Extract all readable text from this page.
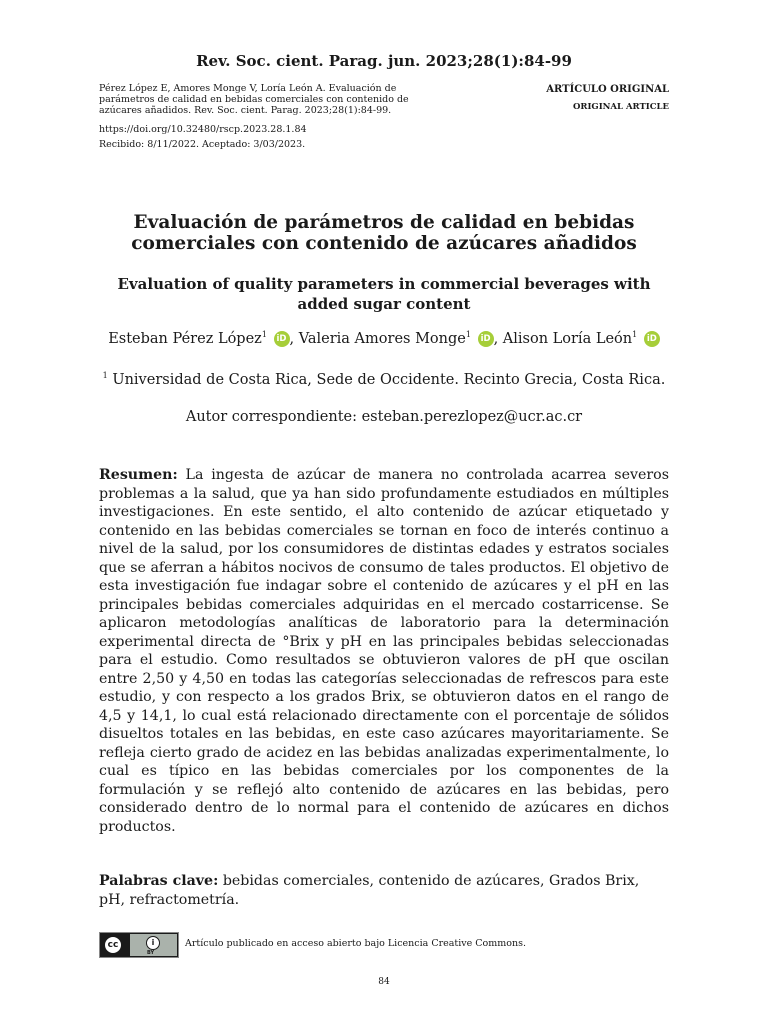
Rev. Soc. cient. Parag. jun. 2023;28(1):84-99
Pérez López E, Amores Monge V, Loría León A. Evaluación de parámetros de calidad en bebidas comerciales con contenido de azúcares añadidos. Rev. Soc. cient. Parag. 2023;28(1):84-99.
https://doi.org/10.32480/rscp.2023.28.1.84
Recibido: 8/11/2022. Aceptado: 3/03/2023.
ARTÍCULO ORIGINAL
ORIGINAL ARTICLE
Evaluación de parámetros de calidad en bebidas comerciales con contenido de azúcares añadidos
Evaluation of quality parameters in commercial beverages with added sugar content
Esteban Pérez López$^1$ iD , Valeria Amores Monge$^1$ iD , Alison Loría León$^1$ iD
$^1$ Universidad de Costa Rica, Sede de Occidente. Recinto Grecia, Costa Rica.
Autor correspondiente: esteban.perezlopez@ucr.ac.cr
Resumen: La ingesta de azúcar de manera no controlada acarrea severos problemas a la salud, que ya han sido profundamente estudiados en múltiples investigaciones. En este sentido, el alto contenido de azúcar etiquetado y contenido en las bebidas comerciales se tornan en foco de interés continuo a nivel de la salud, por los consumidores de distintas edades y estratos sociales que se aferran a hábitos nocivos de consumo de tales productos. El objetivo de esta investigación fue indagar sobre el contenido de azúcares y el pH en las principales bebidas comerciales adquiridas en el mercado costarricense. Se aplicaron metodologías analíticas de laboratorio para la determinación experimental directa de °Brix y pH en las principales bebidas seleccionadas para el estudio. Como resultados se obtuvieron valores de pH que oscilan entre 2,50 y 4,50 en todas las categorías seleccionadas de refrescos para este estudio, y con respecto a los grados Brix, se obtuvieron datos en el rango de 4,5 y 14,1, lo cual está relacionado directamente con el porcentaje de sólidos disueltos totales en las bebidas, en este caso azúcares mayoritariamente. Se refleja cierto grado de acidez en las bebidas analizadas experimentalmente, lo cual es típico en las bebidas comerciales por los componentes de la formulación y se reflejó alto contenido de azúcares en las bebidas, pero considerado dentro de lo normal para el contenido de azúcares en dichos productos.
Palabras clave: bebidas comerciales, contenido de azúcares, Grados Brix, pH, refractometría.
cc	i
BY
Artículo publicado en acceso abierto bajo Licencia Creative Commons.
84
